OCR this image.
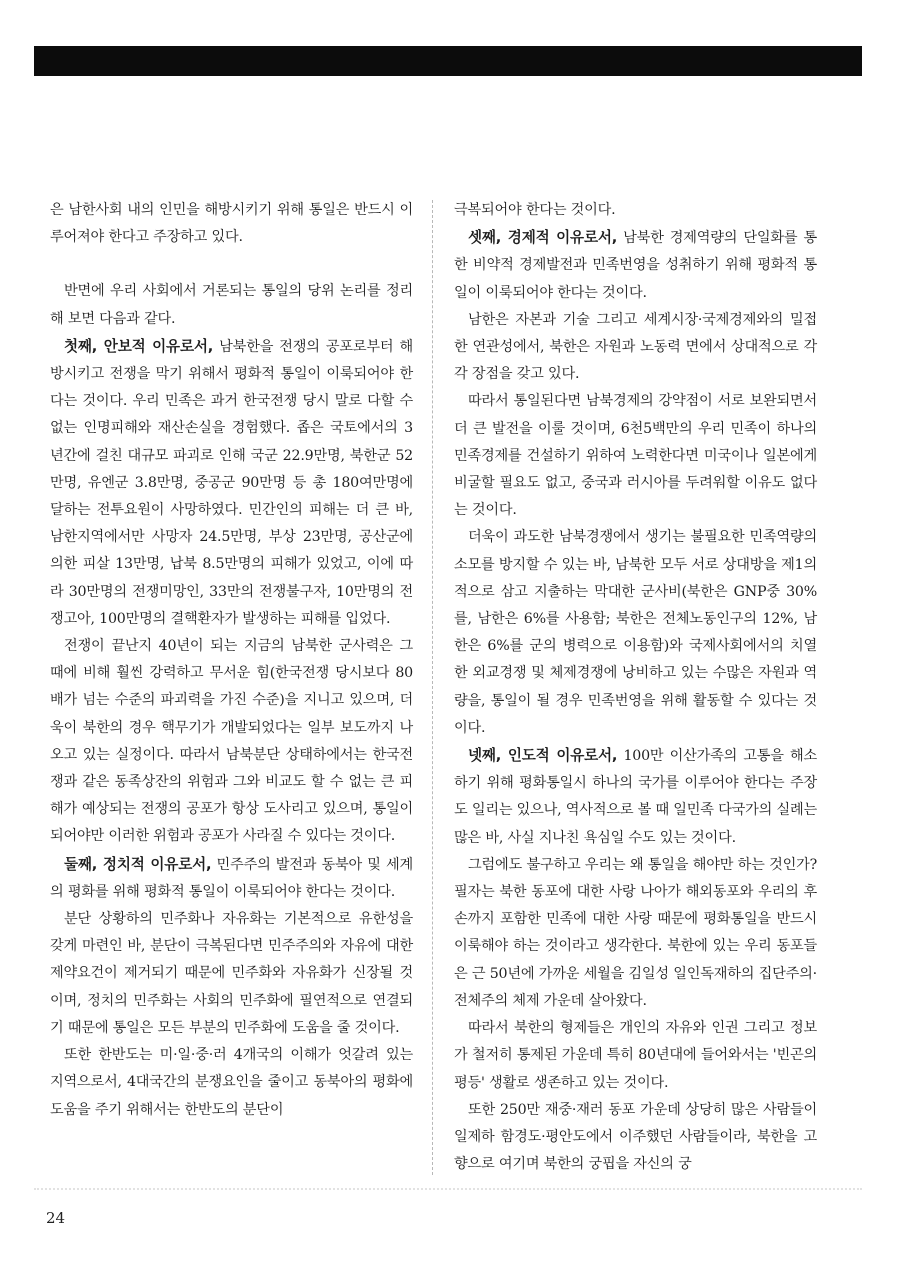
은 남한사회 내의 인민을 해방시키기 위해 통일은 반드시 이루어져야 한다고 주장하고 있다.

반면에 우리 사회에서 거론되는 통일의 당위 논리를 정리해 보면 다음과 같다.

첫째, 안보적 이유로서, 남북한을 전쟁의 공포로부터 해방시키고 전쟁을 막기 위해서 평화적 통일이 이룩되어야 한다는 것이다. 우리 민족은 과거 한국전쟁 당시 말로 다할 수 없는 인명피해와 재산손실을 경험했다. 좁은 국토에서의 3년간에 걸친 대규모 파괴로 인해 국군 22.9만명, 북한군 52만명, 유엔군 3.8만명, 중공군 90만명 등 총 180여만명에 달하는 전투요원이 사망하였다. 민간인의 피해는 더 큰 바, 남한지역에서만 사망자 24.5만명, 부상 23만명, 공산군에 의한 피살 13만명, 납북 8.5만명의 피해가 있었고, 이에 따라 30만명의 전쟁미망인, 33만의 전쟁불구자, 10만명의 전쟁고아, 100만명의 결핵환자가 발생하는 피해를 입었다.

전쟁이 끝난지 40년이 되는 지금의 남북한 군사력은 그 때에 비해 훨씬 강력하고 무서운 힘(한국전쟁 당시보다 80배가 넘는 수준의 파괴력을 가진 수준)을 지니고 있으며, 더욱이 북한의 경우 핵무기가 개발되었다는 일부 보도까지 나오고 있는 실정이다. 따라서 남북분단 상태하에서는 한국전쟁과 같은 동족상잔의 위험과 그와 비교도 할 수 없는 큰 피해가 예상되는 전쟁의 공포가 항상 도사리고 있으며, 통일이 되어야만 이러한 위험과 공포가 사라질 수 있다는 것이다.

둘째, 정치적 이유로서, 민주주의 발전과 동북아 및 세계의 평화를 위해 평화적 통일이 이룩되어야 한다는 것이다.

분단 상황하의 민주화나 자유화는 기본적으로 유한성을 갖게 마련인 바, 분단이 극복된다면 민주주의와 자유에 대한 제약요건이 제거되기 때문에 민주화와 자유화가 신장될 것이며, 정치의 민주화는 사회의 민주화에 필연적으로 연결되기 때문에 통일은 모든 부분의 민주화에 도움을 줄 것이다.

또한 한반도는 미·일·중·러 4개국의 이해가 엇갈려 있는 지역으로서, 4대국간의 분쟁요인을 줄이고 동북아의 평화에 도움을 주기 위해서는 한반도의 분단이

극복되어야 한다는 것이다.

셋째, 경제적 이유로서, 남북한 경제역량의 단일화를 통한 비약적 경제발전과 민족번영을 성취하기 위해 평화적 통일이 이룩되어야 한다는 것이다.

남한은 자본과 기술 그리고 세계시장·국제경제와의 밀접한 연관성에서, 북한은 자원과 노동력 면에서 상대적으로 각각 장점을 갖고 있다.

따라서 통일된다면 남북경제의 강약점이 서로 보완되면서 더 큰 발전을 이룰 것이며, 6천5백만의 우리 민족이 하나의 민족경제를 건설하기 위하여 노력한다면 미국이나 일본에게 비굴할 필요도 없고, 중국과 러시아를 두려워할 이유도 없다는 것이다.

더욱이 과도한 남북경쟁에서 생기는 불필요한 민족역량의 소모를 방지할 수 있는 바, 남북한 모두 서로 상대방을 제1의 적으로 삼고 지출하는 막대한 군사비(북한은 GNP중 30%를, 남한은 6%를 사용함; 북한은 전체노동인구의 12%, 남한은 6%를 군의 병력으로 이용함)와 국제사회에서의 치열한 외교경쟁 및 체제경쟁에 낭비하고 있는 수많은 자원과 역량을, 통일이 될 경우 민족번영을 위해 활동할 수 있다는 것이다.

넷째, 인도적 이유로서, 100만 이산가족의 고통을 해소하기 위해 평화통일시 하나의 국가를 이루어야 한다는 주장도 일리는 있으나, 역사적으로 볼 때 일민족 다국가의 실례는 많은 바, 사실 지나친 욕심일 수도 있는 것이다.

그럼에도 불구하고 우리는 왜 통일을 해야만 하는 것인가? 필자는 북한 동포에 대한 사랑 나아가 해외동포와 우리의 후손까지 포함한 민족에 대한 사랑 때문에 평화통일을 반드시 이룩해야 하는 것이라고 생각한다. 북한에 있는 우리 동포들은 근 50년에 가까운 세월을 김일성 일인독재하의 집단주의·전체주의 체제 가운데 살아왔다.

따라서 북한의 형제들은 개인의 자유와 인권 그리고 정보가 철저히 통제된 가운데 특히 80년대에 들어와서는 '빈곤의 평등' 생활로 생존하고 있는 것이다.

또한 250만 재중·재러 동포 가운데 상당히 많은 사람들이 일제하 함경도·평안도에서 이주했던 사람들이라, 북한을 고향으로 여기며 북한의 궁핍을 자신의 궁

24
